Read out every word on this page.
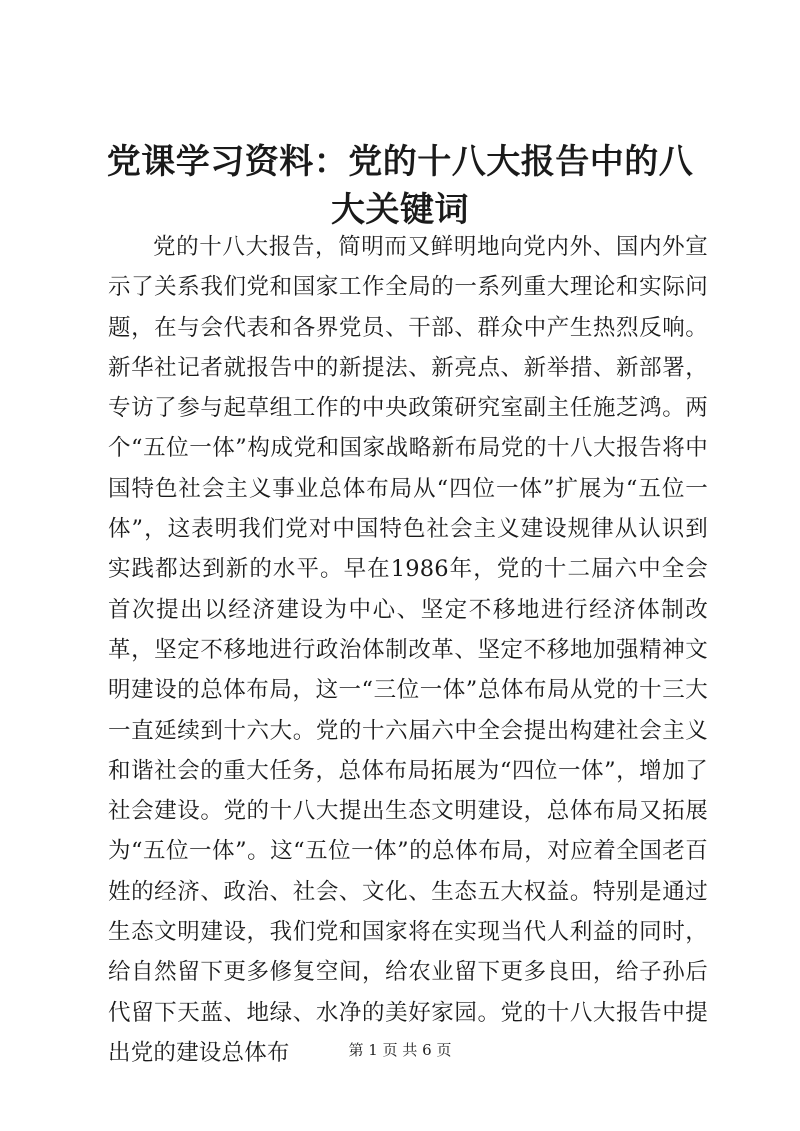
党课学习资料：党的十八大报告中的八大关键词

党的十八大报告，简明而又鲜明地向党内外、国内外宣示了关系我们党和国家工作全局的一系列重大理论和实际问题，在与会代表和各界党员、干部、群众中产生热烈反响。新华社记者就报告中的新提法、新亮点、新举措、新部署，专访了参与起草组工作的中央政策研究室副主任施芝鸿。两个“五位一体”构成党和国家战略新布局党的十八大报告将中国特色社会主义事业总体布局从“四位一体”扩展为“五位一体”，这表明我们党对中国特色社会主义建设规律从认识到实践都达到新的水平。早在1986年，党的十二届六中全会首次提出以经济建设为中心、坚定不移地进行经济体制改革，坚定不移地进行政治体制改革、坚定不移地加强精神文明建设的总体布局，这一“三位一体”总体布局从党的十三大一直延续到十六大。党的十六届六中全会提出构建社会主义和谐社会的重大任务，总体布局拓展为“四位一体”，增加了社会建设。党的十八大提出生态文明建设，总体布局又拓展为“五位一体”。这“五位一体”的总体布局，对应着全国老百姓的经济、政治、社会、文化、生态五大权益。特别是通过生态文明建设，我们党和国家将在实现当代人利益的同时，给自然留下更多修复空间，给农业留下更多良田，给子孙后代留下天蓝、地绿、水净的美好家园。党的十八大报告中提出党的建设总体布	第 1 页 共 6 页
